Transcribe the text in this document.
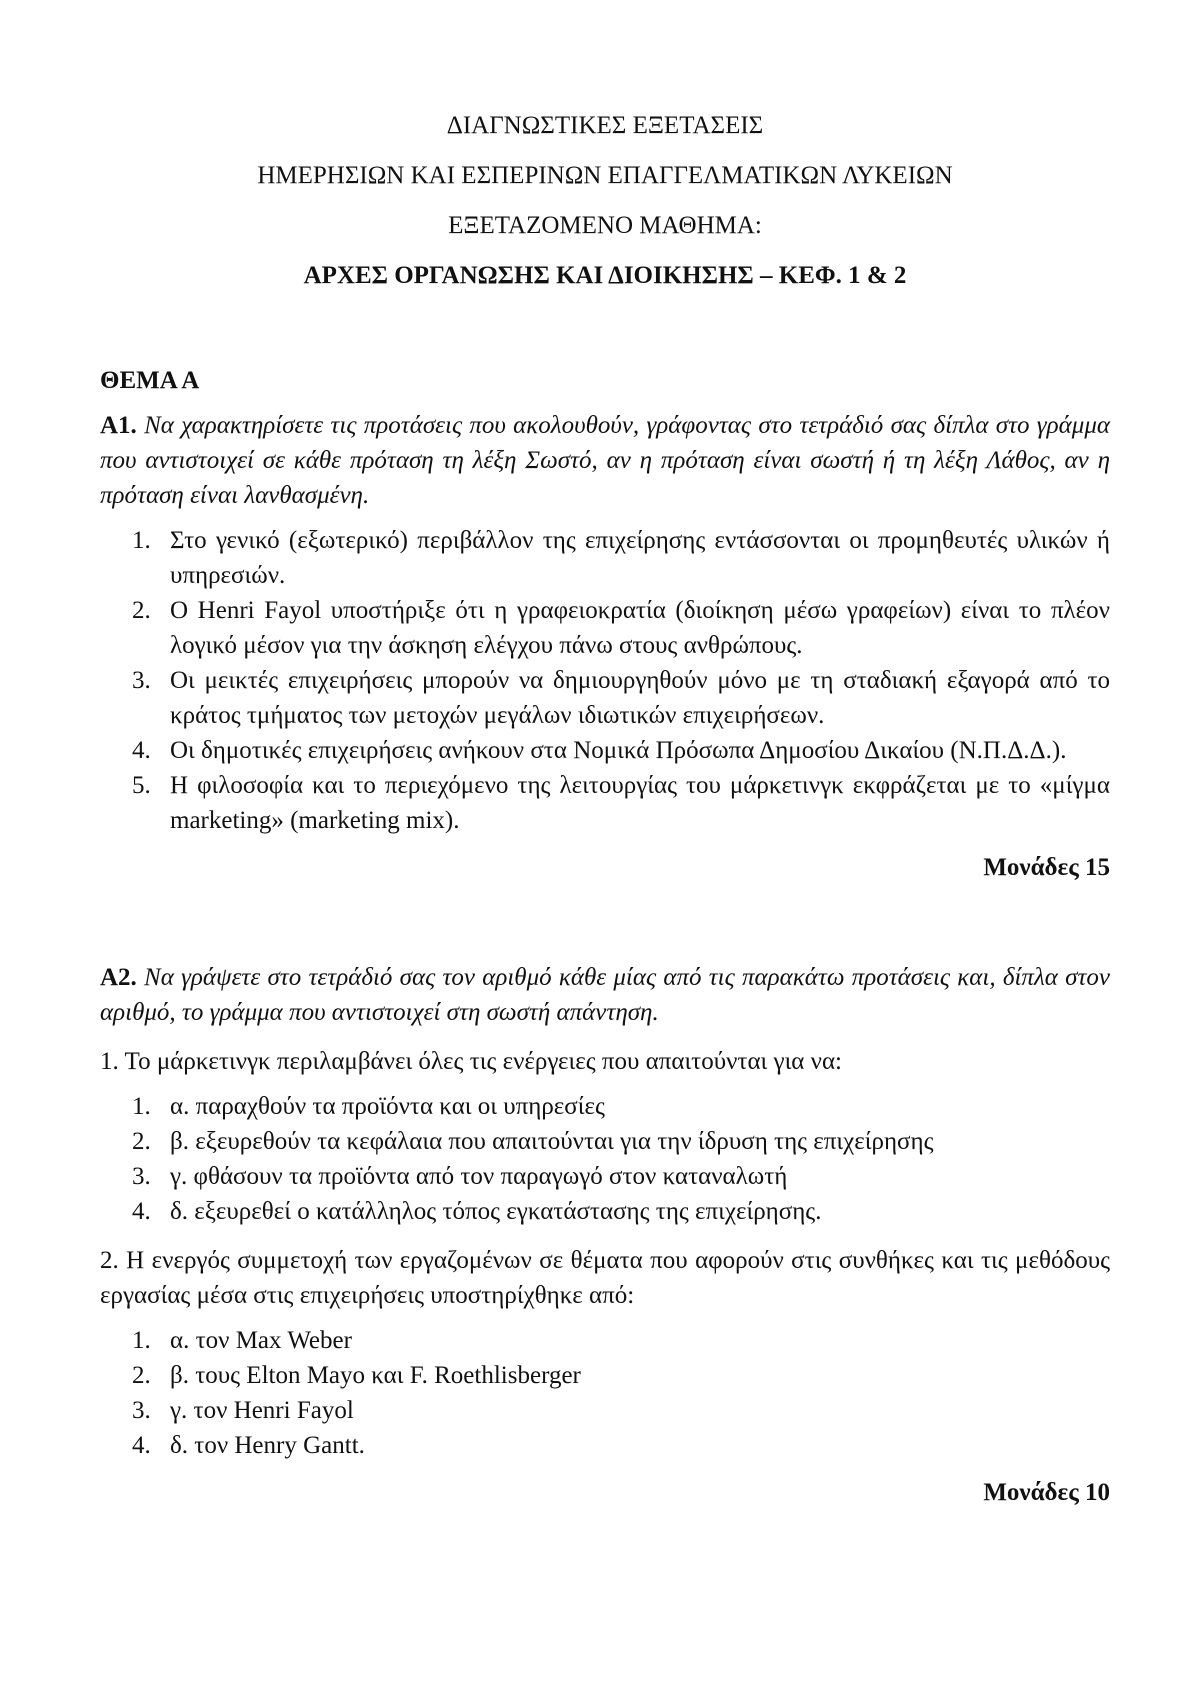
ΔΙΑΓΝΩΣΤΙΚΕΣ ΕΞΕΤΑΣΕΙΣ

ΗΜΕΡΗΣΙΩΝ ΚΑΙ ΕΣΠΕΡΙΝΩΝ ΕΠΑΓΓΕΛΜΑΤΙΚΩΝ ΛΥΚΕΙΩΝ

ΕΞΕΤΑΖΟΜΕΝΟ ΜΑΘΗΜΑ:

ΑΡΧΕΣ ΟΡΓΑΝΩΣΗΣ ΚΑΙ ΔΙΟΙΚΗΣΗΣ – ΚΕΦ. 1 & 2

ΘΕΜΑ Α

Α1. Να χαρακτηρίσετε τις προτάσεις που ακολουθούν, γράφοντας στο τετράδιό σας δίπλα στο γράμμα που αντιστοιχεί σε κάθε πρόταση τη λέξη Σωστό, αν η πρόταση είναι σωστή ή τη λέξη Λάθος, αν η πρόταση είναι λανθασμένη.

1. Στο γενικό (εξωτερικό) περιβάλλον της επιχείρησης εντάσσονται οι προμηθευτές υλικών ή υπηρεσιών.
2. O Henri Fayol υποστήριξε ότι η γραφειοκρατία (διοίκηση μέσω γραφείων) είναι το πλέον λογικό μέσον για την άσκηση ελέγχου πάνω στους ανθρώπους.
3. Οι μεικτές επιχειρήσεις μπορούν να δημιουργηθούν μόνο με τη σταδιακή εξαγορά από το κράτος τμήματος των μετοχών μεγάλων ιδιωτικών επιχειρήσεων.
4. Οι δημοτικές επιχειρήσεις ανήκουν στα Νομικά Πρόσωπα Δημοσίου Δικαίου (Ν.Π.Δ.Δ.).
5. Η φιλοσοφία και το περιεχόμενο της λειτουργίας του μάρκετινγκ εκφράζεται με το «μίγμα marketing» (marketing mix).

Μονάδες 15

Α2. Να γράψετε στο τετράδιό σας τον αριθμό κάθε μίας από τις παρακάτω προτάσεις και, δίπλα στον αριθμό, το γράμμα που αντιστοιχεί στη σωστή απάντηση.

1. Το μάρκετινγκ περιλαμβάνει όλες τις ενέργειες που απαιτούνται για να:

1. α. παραχθούν τα προϊόντα και οι υπηρεσίες
2. β. εξευρεθούν τα κεφάλαια που απαιτούνται για την ίδρυση της επιχείρησης
3. γ. φθάσουν τα προϊόντα από τον παραγωγό στον καταναλωτή
4. δ. εξευρεθεί ο κατάλληλος τόπος εγκατάστασης της επιχείρησης.

2. Η ενεργός συμμετοχή των εργαζομένων σε θέματα που αφορούν στις συνθήκες και τις μεθόδους εργασίας μέσα στις επιχειρήσεις υποστηρίχθηκε από:

1. α. τον Max Weber
2. β. τους Elton Mayo και F. Roethlisberger
3. γ. τον Henri Fayol
4. δ. τον Henry Gantt.

Μονάδες 10
